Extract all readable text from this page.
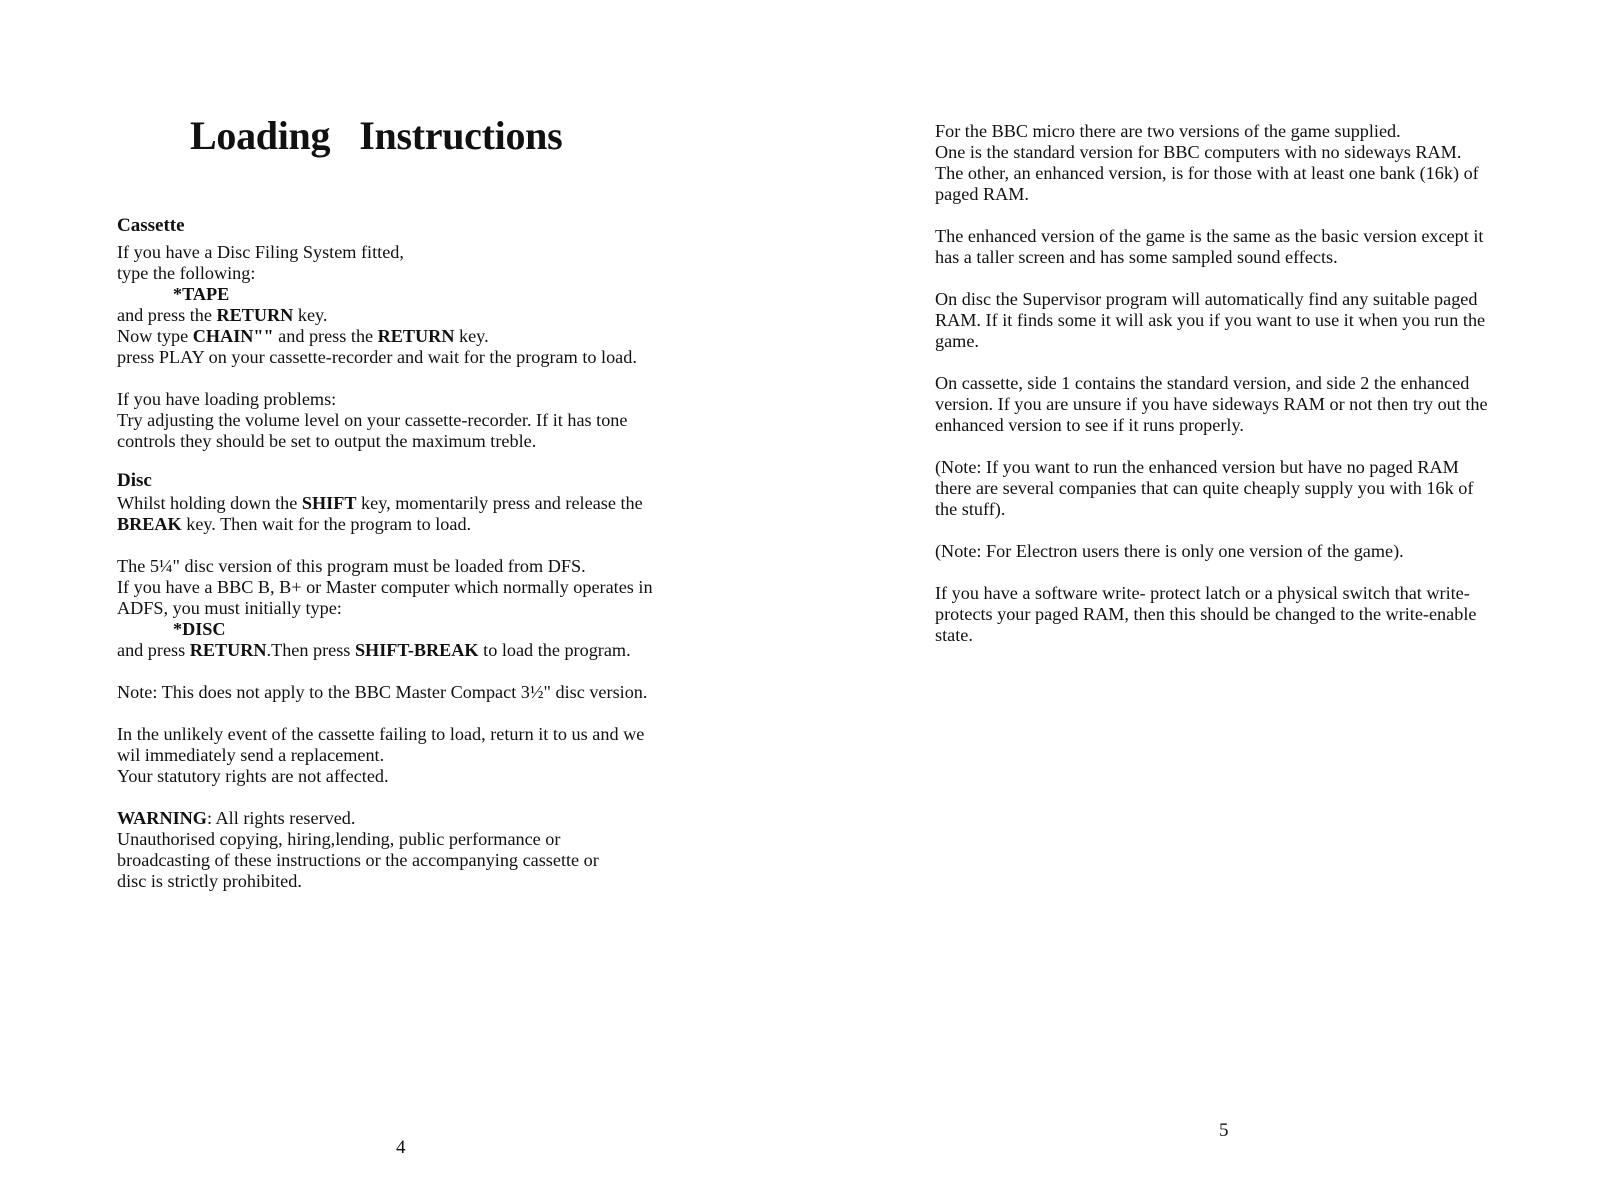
Loading   Instructions
Cassette

If you have a Disc Filing System fitted,

type the following:

*TAPE

and press the RETURN key.

Now type CHAIN"" and press the RETURN key.

press PLAY on your cassette-recorder and wait for the program to load.

If you have loading problems:

Try adjusting the volume level on your cassette-recorder. If it has tone

controls they should be set to output the maximum treble.

Disc

Whilst holding down the SHIFT key, momentarily press and release the

BREAK key. Then wait for the program to load.

The 5¼" disc version of this program must be loaded from DFS.

If you have a BBC B, B+ or Master computer which normally operates in

ADFS, you must initially type:

*DISC

and press RETURN.Then press SHIFT-BREAK to load the program.

Note: This does not apply to the BBC Master Compact 3½" disc version.

In the unlikely event of the cassette failing to load, return it to us and we

wil immediately send a replacement.

Your statutory rights are not affected.

WARNING: All rights reserved.

Unauthorised copying, hiring,lending, public performance or

broadcasting of these instructions or the accompanying cassette or

disc is strictly prohibited.

4

For the BBC micro there are two versions of the game supplied.

One is the standard version for BBC computers with no sideways RAM.

The other, an enhanced version, is for those with at least one bank (16k) of

paged RAM.

The enhanced version of the game is the same as the basic version except it

has a taller screen and has some sampled sound effects.

On disc the Supervisor program will automatically find any suitable paged

RAM. If it finds some it will ask you if you want to use it when you run the

game.

On cassette, side 1 contains the standard version, and side 2 the enhanced

version. If you are unsure if you have sideways RAM or not then try out the

enhanced version to see if it runs properly.

(Note: If you want to run the enhanced version but have no paged RAM

there are several companies that can quite cheaply supply you with 16k of

the stuff).

(Note: For Electron users there is only one version of the game).

If you have a software write- protect latch or a physical switch that write-

protects your paged RAM, then this should be changed to the write-enable

state.

5
